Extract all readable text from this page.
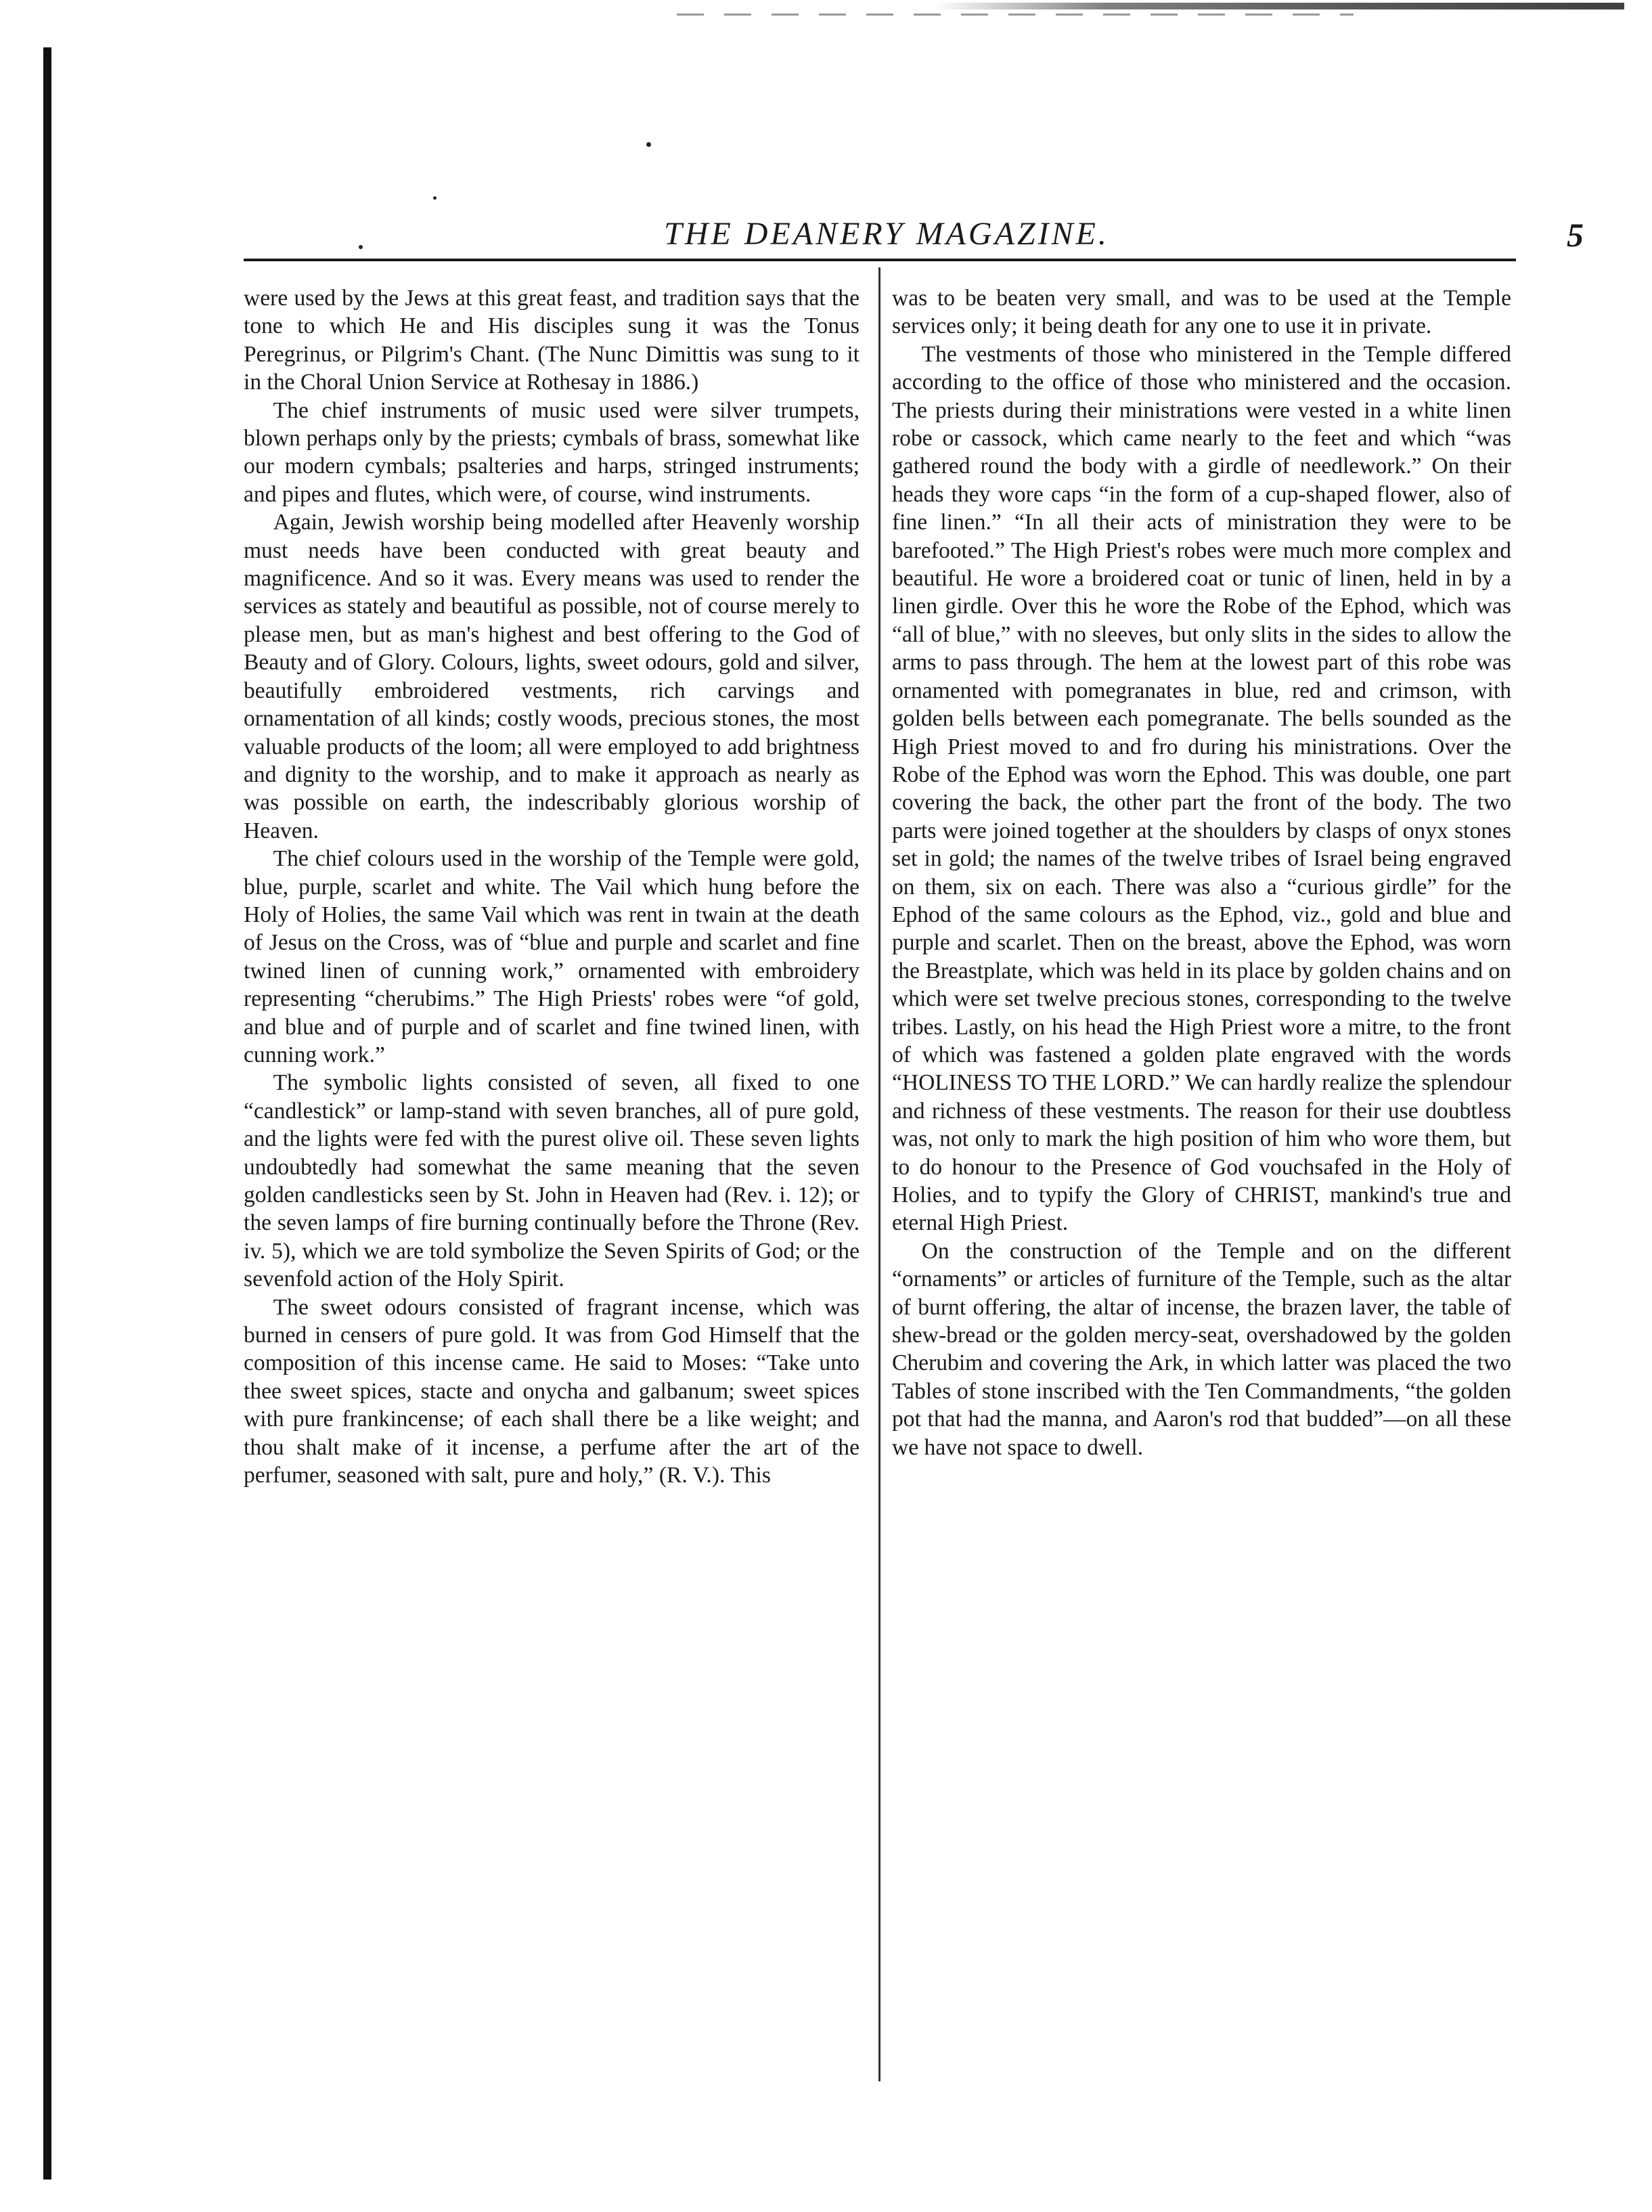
THE DEANERY MAGAZINE.	5

were used by the Jews at this great feast, and tradition says that the tone to which He and His disciples sung it was the Tonus Peregrinus, or Pilgrim's Chant. (The Nunc Dimittis was sung to it in the Choral Union Service at Rothesay in 1886.)

The chief instruments of music used were silver trumpets, blown perhaps only by the priests; cymbals of brass, somewhat like our modern cymbals; psalteries and harps, stringed instruments; and pipes and flutes, which were, of course, wind instruments.

Again, Jewish worship being modelled after Heavenly worship must needs have been conducted with great beauty and magnificence. And so it was. Every means was used to render the services as stately and beautiful as possible, not of course merely to please men, but as man's highest and best offering to the God of Beauty and of Glory. Colours, lights, sweet odours, gold and silver, beautifully embroidered vestments, rich carvings and ornamentation of all kinds; costly woods, precious stones, the most valuable products of the loom; all were employed to add brightness and dignity to the worship, and to make it approach as nearly as was possible on earth, the indescribably glorious worship of Heaven.

The chief colours used in the worship of the Temple were gold, blue, purple, scarlet and white. The Vail which hung before the Holy of Holies, the same Vail which was rent in twain at the death of Jesus on the Cross, was of “blue and purple and scarlet and fine twined linen of cunning work,” ornamented with embroidery representing “cherubims.” The High Priests' robes were “of gold, and blue and of purple and of scarlet and fine twined linen, with cunning work.”

The symbolic lights consisted of seven, all fixed to one “candlestick” or lamp-stand with seven branches, all of pure gold, and the lights were fed with the purest olive oil. These seven lights undoubtedly had somewhat the same meaning that the seven golden candlesticks seen by St. John in Heaven had (Rev. i. 12); or the seven lamps of fire burning continually before the Throne (Rev. iv. 5), which we are told symbolize the Seven Spirits of God; or the sevenfold action of the Holy Spirit.

The sweet odours consisted of fragrant incense, which was burned in censers of pure gold. It was from God Himself that the composition of this incense came. He said to Moses: “Take unto thee sweet spices, stacte and onycha and galbanum; sweet spices with pure frankincense; of each shall there be a like weight; and thou shalt make of it incense, a perfume after the art of the perfumer, seasoned with salt, pure and holy,” (R. V.). This

was to be beaten very small, and was to be used at the Temple services only; it being death for any one to use it in private.

The vestments of those who ministered in the Temple differed according to the office of those who ministered and the occasion. The priests during their ministrations were vested in a white linen robe or cassock, which came nearly to the feet and which “was gathered round the body with a girdle of needlework.” On their heads they wore caps “in the form of a cup-shaped flower, also of fine linen.” “In all their acts of ministration they were to be barefooted.” The High Priest's robes were much more complex and beautiful. He wore a broidered coat or tunic of linen, held in by a linen girdle. Over this he wore the Robe of the Ephod, which was “all of blue,” with no sleeves, but only slits in the sides to allow the arms to pass through. The hem at the lowest part of this robe was ornamented with pomegranates in blue, red and crimson, with golden bells between each pomegranate. The bells sounded as the High Priest moved to and fro during his ministrations. Over the Robe of the Ephod was worn the Ephod. This was double, one part covering the back, the other part the front of the body. The two parts were joined together at the shoulders by clasps of onyx stones set in gold; the names of the twelve tribes of Israel being engraved on them, six on each. There was also a “curious girdle” for the Ephod of the same colours as the Ephod, viz., gold and blue and purple and scarlet. Then on the breast, above the Ephod, was worn the Breastplate, which was held in its place by golden chains and on which were set twelve precious stones, corresponding to the twelve tribes. Lastly, on his head the High Priest wore a mitre, to the front of which was fastened a golden plate engraved with the words “HOLINESS TO THE LORD.” We can hardly realize the splendour and richness of these vestments. The reason for their use doubtless was, not only to mark the high position of him who wore them, but to do honour to the Presence of God vouchsafed in the Holy of Holies, and to typify the Glory of CHRIST, mankind's true and eternal High Priest.

On the construction of the Temple and on the different “ornaments” or articles of furniture of the Temple, such as the altar of burnt offering, the altar of incense, the brazen laver, the table of shew-bread or the golden mercy-seat, overshadowed by the golden Cherubim and covering the Ark, in which latter was placed the two Tables of stone inscribed with the Ten Commandments, “the golden pot that had the manna, and Aaron's rod that budded”—on all these we have not space to dwell.
